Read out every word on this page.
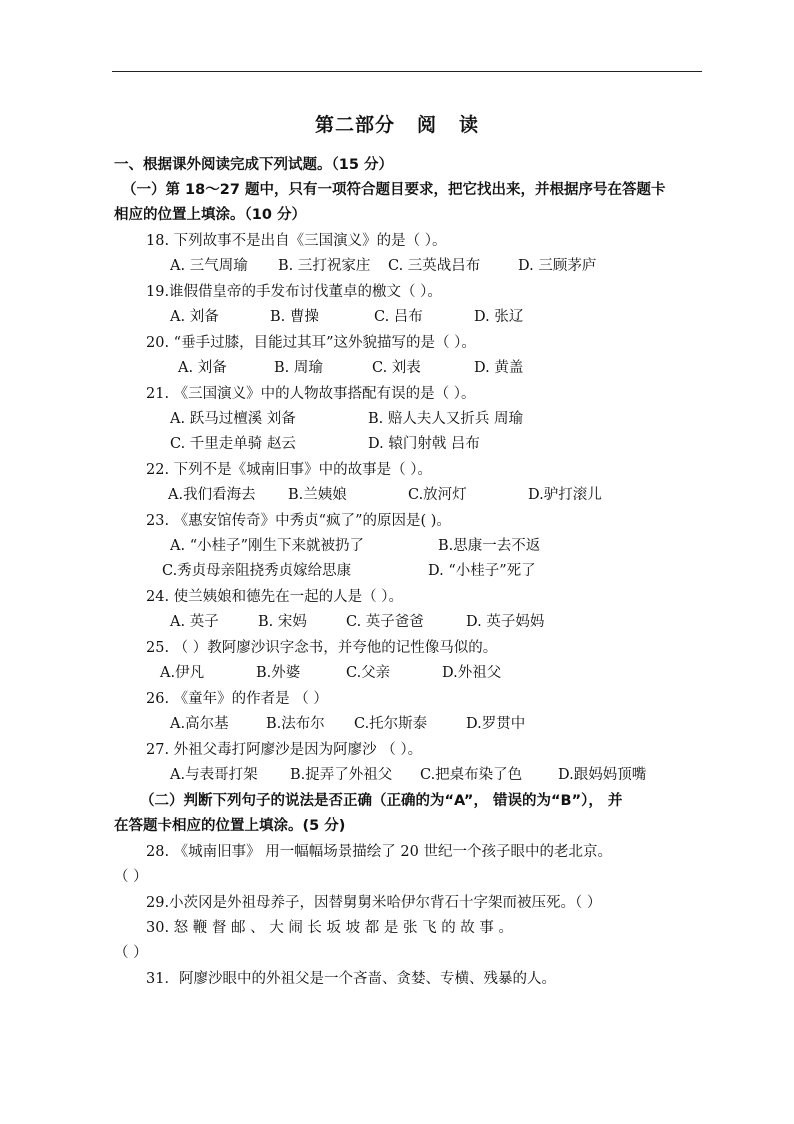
第二部分 阅 读
一、根据课外阅读完成下列试题。（15 分）
（一）第 18～27 题中，只有一项符合题目要求，把它找出来，并根据序号在答题卡
相应的位置上填涂。（10 分）
18. 下列故事不是出自《三国演义》的是（ ）。
A. 三气周瑜 B. 三打祝家庄 C. 三英战吕布	D. 三顾茅庐
19.谁假借皇帝的手发布讨伐董卓的檄文（ ）。
A. 刘备	B. 曹操	C. 吕布	D. 张辽
20. “垂手过膝，目能过其耳”这外貌描写的是（ ）。
A. 刘备	B. 周瑜	C. 刘表	D. 黄盖
21. 《三国演义》中的人物故事搭配有误的是（ ）。
A. 跃马过檀溪 刘备	B. 赔人夫人又折兵 周瑜
C. 千里走单骑 赵云	D. 辕门射戟 吕布
22. 下列不是《城南旧事》中的故事是（ ）。
A.我们看海去 B.兰姨娘	C.放河灯	D.驴打滚儿
23. 《惠安馆传奇》中秀贞“疯了”的原因是( )。
A. “小桂子”刚生下来就被扔了	B.思康一去不返
C.秀贞母亲阻挠秀贞嫁给思康	D. “小桂子”死了
24. 使兰姨娘和德先在一起的人是（ ）。
A. 英子	B. 宋妈	C. 英子爸爸	D. 英子妈妈
25. （ ）教阿廖沙识字念书，并夸他的记性像马似的。
A.伊凡	B.外婆	C.父亲	D.外祖父
26. 《童年》的作者是 （ ）
A.高尔基	B.法布尔 C.托尔斯泰	D.罗贯中
27. 外祖父毒打阿廖沙是因为阿廖沙 （ ）。
A.与表哥打架 B.捉弄了外祖父 C.把桌布染了色 D.跟妈妈顶嘴
（二）判断下列句子的说法是否正确（正确的为“A”， 错误的为“B”）， 并
在答题卡相应的位置上填涂。(5 分)
28. 《城南旧事》 用一幅幅场景描绘了 20 世纪一个孩子眼中的老北京。
（ ）
29.小茨冈是外祖母养子，因替舅舅米哈伊尔背石十字架而被压死。（ ）
30. 怒 鞭 督 邮 、 大 闹 长 坂 坡 都 是 张 飞 的 故 事 。
（ ）
31．阿廖沙眼中的外祖父是一个吝啬、贪婪、专横、残暴的人。
